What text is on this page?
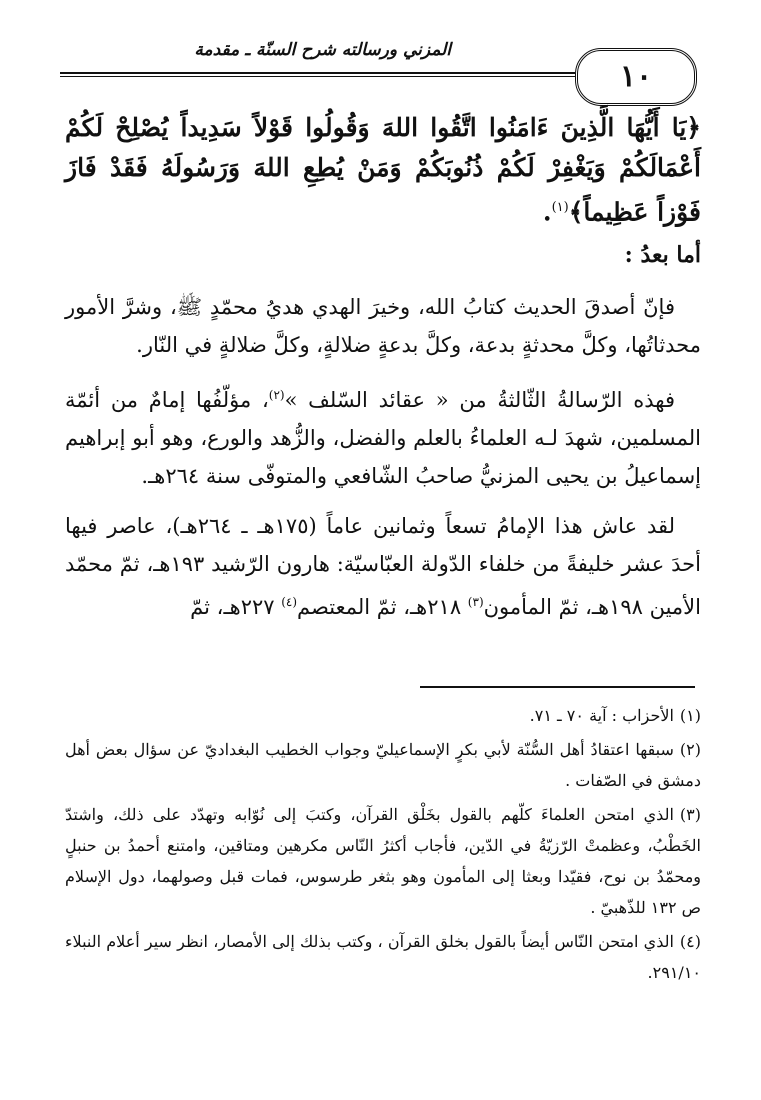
المزني ورسالته شرح السنّة ـ مقدمة
١٠

﴿يَا أَيُّهَا الَّذِينَ ءَامَنُوا اتَّقُوا اللهَ وَقُولُوا قَوْلاً سَدِيداً يُصْلِحْ لَكُمْ أَعْمَالَكُمْ وَيَغْفِرْ لَكُمْ ذُنُوبَكُمْ وَمَنْ يُطِعِ اللهَ وَرَسُولَهُ فَقَدْ فَازَ فَوْزاً عَظِيماً﴾$^{(١)}$.

أما بعدُ :

فإنّ أصدقَ الحديث كتابُ الله، وخيرَ الهدي هديُ محمّدٍ ﷺ، وشرَّ الأمور محدثاتُها، وكلَّ محدثةٍ بدعة، وكلَّ بدعةٍ ضلالةٍ، وكلَّ ضلالةٍ في النّار.

فهذه الرّسالةُ الثّالثةُ من « عقائد السّلف »$^{(٢)}$، مؤلّفُها إمامٌ من أئمّة المسلمين، شهدَ لـه العلماءُ بالعلم والفضل، والزُّهد والورع، وهو أبو إبراهيم إسماعيلُ بن يحيى المزنيُّ صاحبُ الشّافعي والمتوفّى سنة ٢٦٤هـ.

لقد عاش هذا الإمامُ تسعاً وثمانين عاماً (١٧٥هـ ـ ٢٦٤هـ)، عاصر فيها أحدَ عشر خليفةً من خلفاء الدّولة العبّاسيّة: هارون الرّشيد ١٩٣هـ، ثمّ محمّد الأمين ١٩٨هـ، ثمّ المأمون$^{(٣)}$ ٢١٨هـ، ثمّ المعتصم$^{(٤)}$ ٢٢٧هـ، ثمّ

(١)الأحزاب : آية ٧٠ ـ ٧١.

(٢)سبقها اعتقادُ أهل السُّنّة لأبي بكرٍ الإسماعيليّ وجواب الخطيب البغداديّ عن سؤال بعض أهل دمشق في الصّفات .

(٣)الذي امتحن العلماءَ كلّهم بالقول بخَلْق القرآن، وكتبَ إلى نُوّابه وتهدّد على ذلك، واشتدّ الخَطْبُ، وعظمتْ الرّزيّةُ في الدّين، فأجاب أكثرُ النّاس مكرهين ومتاقين، وامتنع أحمدُ بن حنبلٍ ومحمّدُ بن نوح، فقيّدا وبعثا إلى المأمون وهو بثغر طرسوس، فمات قبل وصولهما، دول الإسلام ص ١٣٢ للذّهبيّ .

(٤)الذي امتحن النّاس أيضاً بالقول بخلق القرآن ، وكتب بذلك إلى الأمصار، انظر سير أعلام النبلاء ٢٩١/١٠.
